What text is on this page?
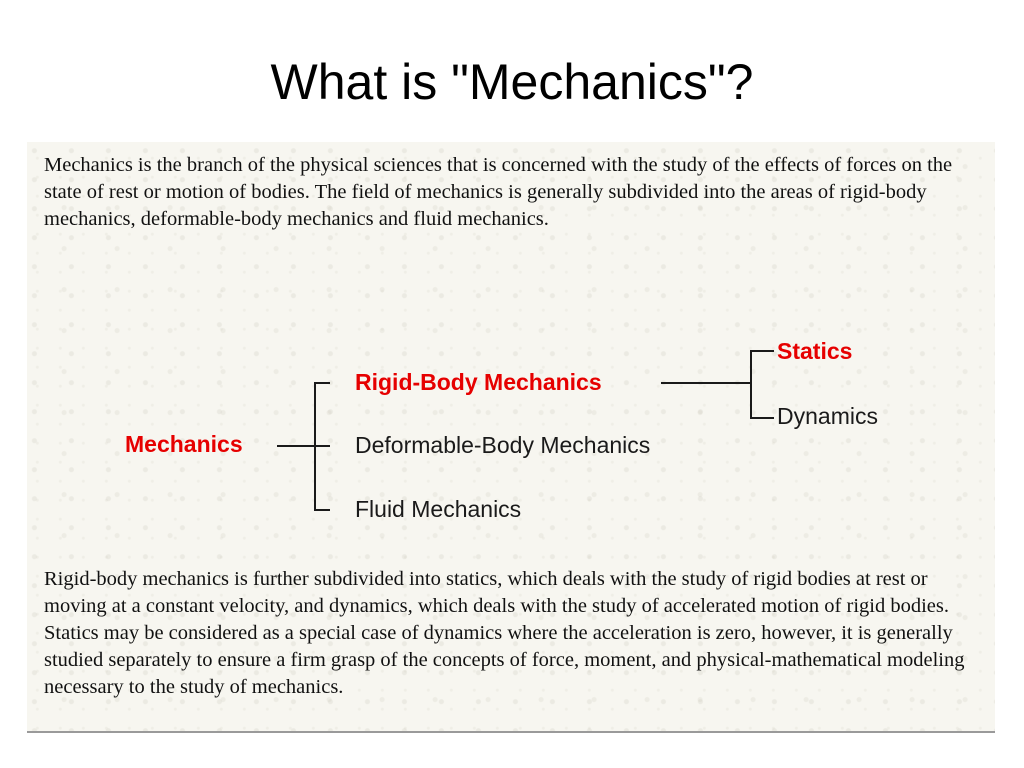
What is "Mechanics"?

Mechanics is the branch of the physical sciences that is concerned with the study of the effects of forces on the state of rest or motion of bodies. The field of mechanics is generally subdivided into the areas of rigid-body mechanics, deformable-body mechanics and fluid mechanics.

Mechanics
Rigid-Body Mechanics
Deformable-Body Mechanics
Fluid Mechanics
Statics
Dynamics

Rigid-body mechanics is further subdivided into statics, which deals with the study of rigid bodies at rest or moving at a constant velocity, and dynamics, which deals with the study of accelerated motion of rigid bodies. Statics may be considered as a special case of dynamics where the acceleration is zero, however, it is generally studied separately to ensure a firm grasp of the concepts of force, moment, and physical-mathematical modeling necessary to the study of mechanics.
